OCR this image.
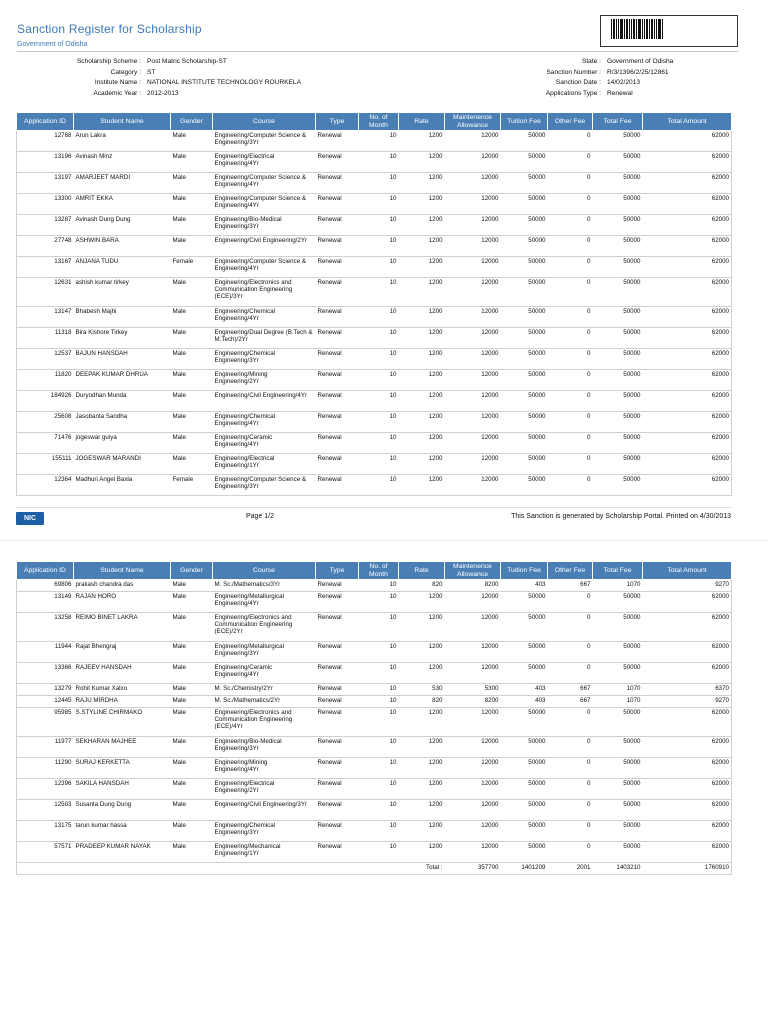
Sanction Register for Scholarship
Government of Odisha
Scholarship Scheme : Post Matric Scholarship-ST
Category : ST
Institute Name : NATIONAL INSTITUTE TECHNOLOGY ROURKELA
Academic Year : 2012-2013
State : Government of Odisha
Sanction Number : R/3/1396/2/25/12861
Sanction Date : 14/02/2013
Applications Type : Renewal
Application ID	Student Name	Gender	Course	Type	No. of Month	Rate	Maintenence Allowance	Tuition Fee	Other Fee	Total Fee	Total Amount
12768	Arun Lakra	Male	Engineering/Computer Science & Engineering/3Yr	Renewal	10	1200	12000	50000	0	50000	62000
13196	Avinash Minz	Male	Engineering/Electrical Engineering/4Yr	Renewal	10	1200	12000	50000	0	50000	62000
13197	AMARJEET MARDI	Male	Engineering/Computer Science & Engineering/4Yr	Renewal	10	1200	12000	50000	0	50000	62000
13300	AMRIT EKKA	Male	Engineering/Computer Science & Engineering/4Yr	Renewal	10	1200	12000	50000	0	50000	62000
13287	Avinash Dung Dung	Male	Engineering/Bio-Medical Engineering/3Yr	Renewal	10	1200	12000	50000	0	50000	62000
27748	ASHWIN BARA	Male	Engineering/Civil Engineering/2Yr	Renewal	10	1200	12000	50000	0	50000	62000
13167	ANJANA TUDU	Female	Engineering/Computer Science & Engineering/4Yr	Renewal	10	1200	12000	50000	0	50000	62000
12631	ashish kumar tirkey	Male	Engineering/Electronics and Communication Engineering (ECE)/3Yr	Renewal	10	1200	12000	50000	0	50000	62000
13147	Bhabesh Majhi	Male	Engineering/Chemical Engineering/4Yr	Renewal	10	1200	12000	50000	0	50000	62000
11318	Bira Kishore Tirkey	Male	Engineering/Dual Degree (B.Tech & M.Tech)/2Yr	Renewal	10	1200	12000	50000	0	50000	62000
12537	BAJUN HANSDAH	Male	Engineering/Chemical Engineering/3Yr	Renewal	10	1200	12000	50000	0	50000	62000
11820	DEEPAK KUMAR DHRUA	Male	Engineering/Mining Engineering/2Yr	Renewal	10	1200	12000	50000	0	50000	62000
184926	Duryodhan Munda	Male	Engineering/Civil Engineering/4Yr	Renewal	10	1200	12000	50000	0	50000	62000
25608	Jasobanta Sandha	Male	Engineering/Chemical Engineering/4Yr	Renewal	10	1200	12000	50000	0	50000	62000
71476	jogeswar guiya	Male	Engineering/Ceramic Engineering/4Yr	Renewal	10	1200	12000	50000	0	50000	62000
155111	JOGESWAR MARANDI	Male	Engineering/Electrical Engineering/1Yr	Renewal	10	1200	12000	50000	0	50000	62000
12364	Madhuri Angel Baxla	Female	Engineering/Computer Science & Engineering/3Yr	Renewal	10	1200	12000	50000	0	50000	62000
NIC	Page 1/2	This Sanction is generated by Scholarship Portal. Printed on 4/30/2013
Application ID	Student Name	Gender	Course	Type	No. of Month	Rate	Maintenence Allowance	Tuition Fee	Other Fee	Total Fee	Total Amount
69806	prakash chandra das	Male	M. Sc./Mathematics/3Yr	Renewal	10	820	8200	403	667	1070	9270
13149	RAJAN HORO	Male	Engineering/Metallurgical Engineering/4Yr	Renewal	10	1200	12000	50000	0	50000	62000
13258	REIMO BINET LAKRA	Male	Engineering/Electronics and Communication Engineering (ECE)/2Yr	Renewal	10	1200	12000	50000	0	50000	62000
11944	Rajat Bhengraj	Male	Engineering/Metallurgical Engineering/3Yr	Renewal	10	1200	12000	50000	0	50000	62000
13366	RAJEEV HANSDAH	Male	Engineering/Ceramic Engineering/4Yr	Renewal	10	1200	12000	50000	0	50000	62000
13279	Rohit Kumar Xalxo	Male	M. Sc./Chemistry/2Yr	Renewal	10	530	5300	403	667	1070	6370
12445	RAJU MIRDHA	Male	M. Sc./Mathematics/2Yr	Renewal	10	820	8200	403	667	1070	9270
95985	S.STYLINE CHIRMAKO	Male	Engineering/Electronics and Communication Engineering (ECE)/4Yr	Renewal	10	1200	12000	50000	0	50000	62000
11977	SEKHARAN MAJHEE	Male	Engineering/Bio-Medical Engineering/3Yr	Renewal	10	1200	12000	50000	0	50000	62000
11290	SURAJ KERKETTA	Male	Engineering/Mining Engineering/4Yr	Renewal	10	1200	12000	50000	0	50000	62000
12396	SAKILA HANSDAH	Male	Engineering/Electrical Engineering/2Yr	Renewal	10	1200	12000	50000	0	50000	62000
12503	Susanta Dung Dung	Male	Engineering/Civil Engineering/3Yr	Renewal	10	1200	12000	50000	0	50000	62000
13175	tarun kumar hassa	Male	Engineering/Chemical Engineering/3Yr	Renewal	10	1200	12000	50000	0	50000	62000
57571	PRADEEP KUMAR NAYAK	Male	Engineering/Mechanical Engineering/1Yr	Renewal	10	1200	12000	50000	0	50000	62000
						Total :	357700	1401209	2001	1403210	1760910
